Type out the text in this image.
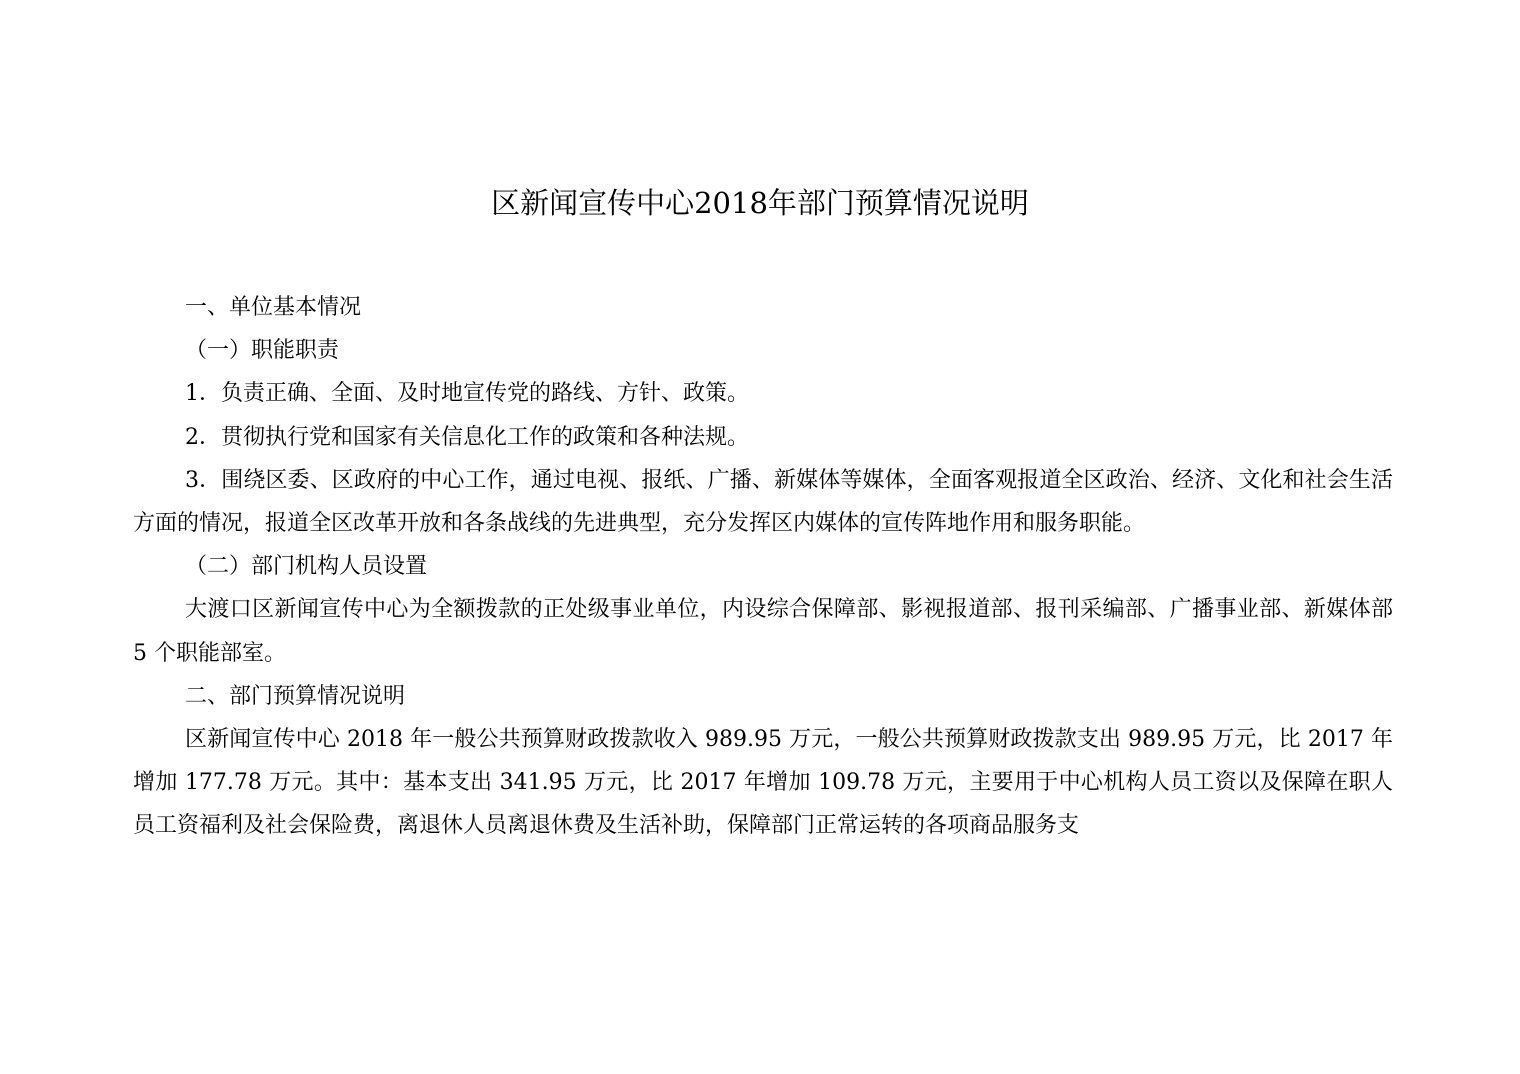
区新闻宣传中心2018年部门预算情况说明

一、单位基本情况

（一）职能职责

1．负责正确、全面、及时地宣传党的路线、方针、政策。

2．贯彻执行党和国家有关信息化工作的政策和各种法规。

3．围绕区委、区政府的中心工作，通过电视、报纸、广播、新媒体等媒体，全面客观报道全区政治、经济、文化和社会生活方面的情况，报道全区改革开放和各条战线的先进典型，充分发挥区内媒体的宣传阵地作用和服务职能。

（二）部门机构人员设置

大渡口区新闻宣传中心为全额拨款的正处级事业单位，内设综合保障部、影视报道部、报刊采编部、广播事业部、新媒体部 5 个职能部室。

二、部门预算情况说明

区新闻宣传中心 2018 年一般公共预算财政拨款收入 989.95 万元，一般公共预算财政拨款支出 989.95 万元，比 2017 年增加 177.78 万元。其中：基本支出 341.95 万元，比 2017 年增加 109.78 万元，主要用于中心机构人员工资以及保障在职人员工资福利及社会保险费，离退休人员离退休费及生活补助，保障部门正常运转的各项商品服务支
